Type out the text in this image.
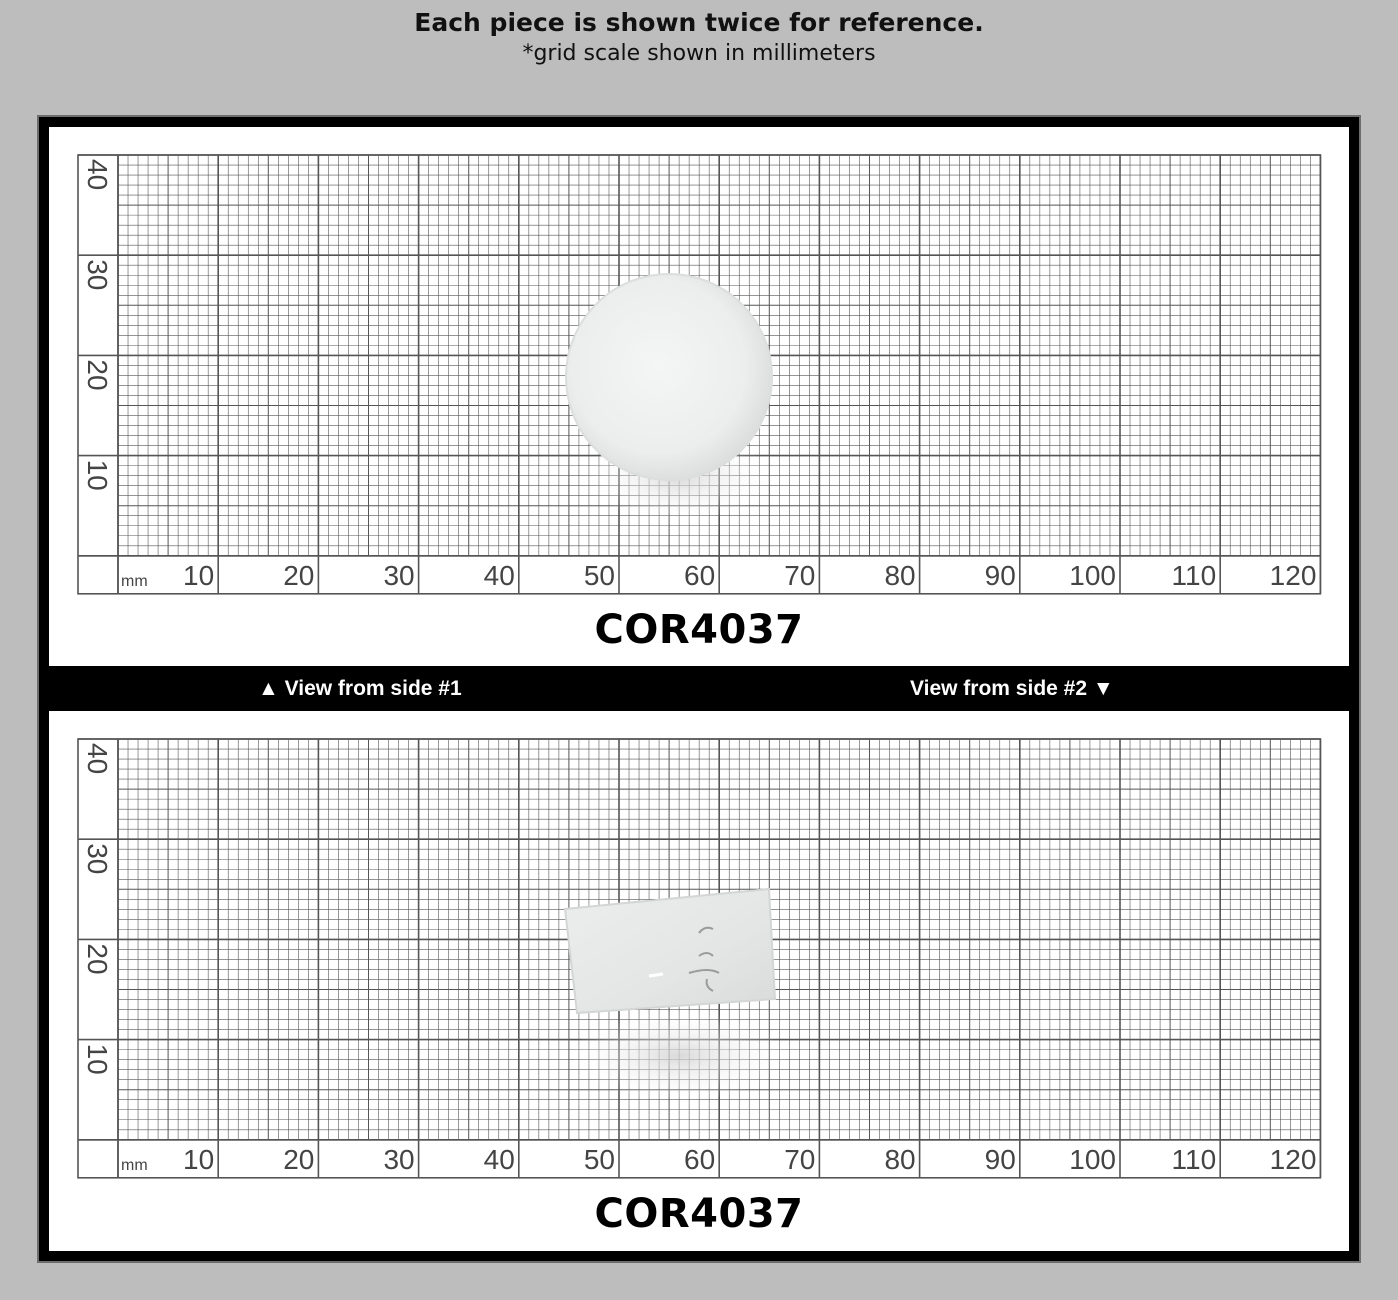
Each piece is shown twice for reference.
*grid scale shown in millimeters
mm 10 20 30 40 50 60 70 80 90 100 110 120
10
20
30
40
COR4037
▲ View from side #1	View from side #2 ▼
mm 10 20 30 40 50 60 70 80 90 100 110 120
10
20
30
40
COR4037
